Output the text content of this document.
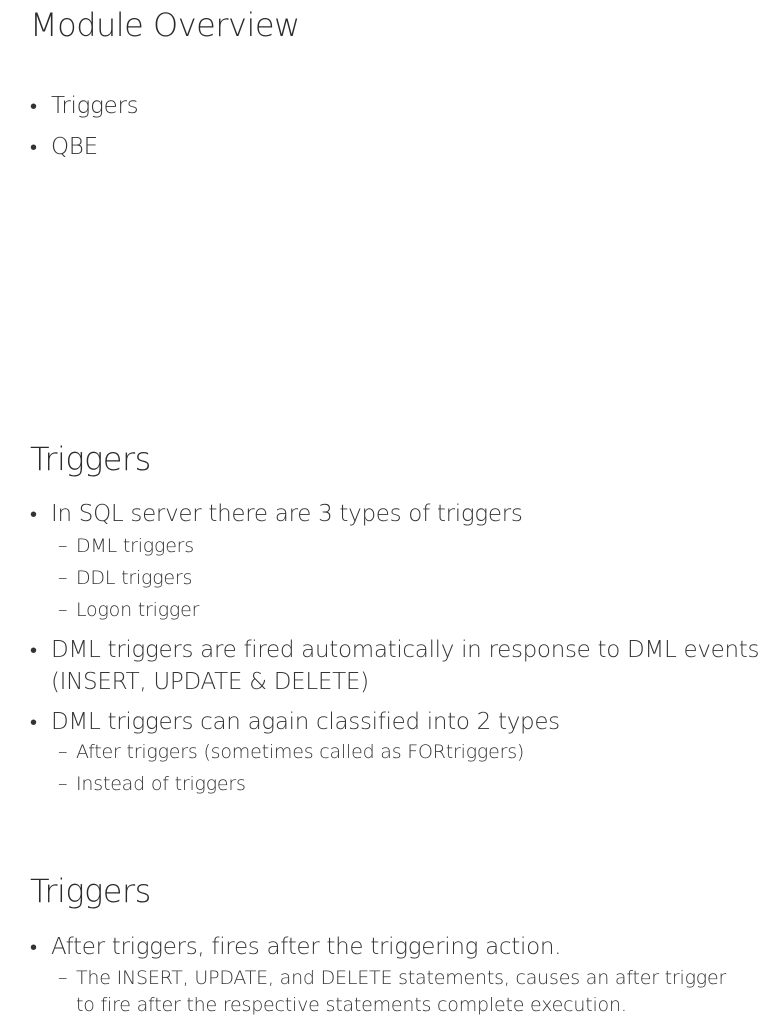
Module Overview
• Triggers
• QBE
Triggers
• In SQL server there are 3 types of triggers
– DML triggers
– DDL triggers
– Logon trigger
• DML triggers are fired automatically in response to DML events
(INSERT, UPDATE & DELETE)
• DML triggers can again classified into 2 types
– After triggers (sometimes called as FORtriggers)
– Instead of triggers
Triggers
• After triggers, fires after the triggering action.
– The INSERT, UPDATE, and DELETE statements, causes an after trigger
to fire after the respective statements complete execution.
